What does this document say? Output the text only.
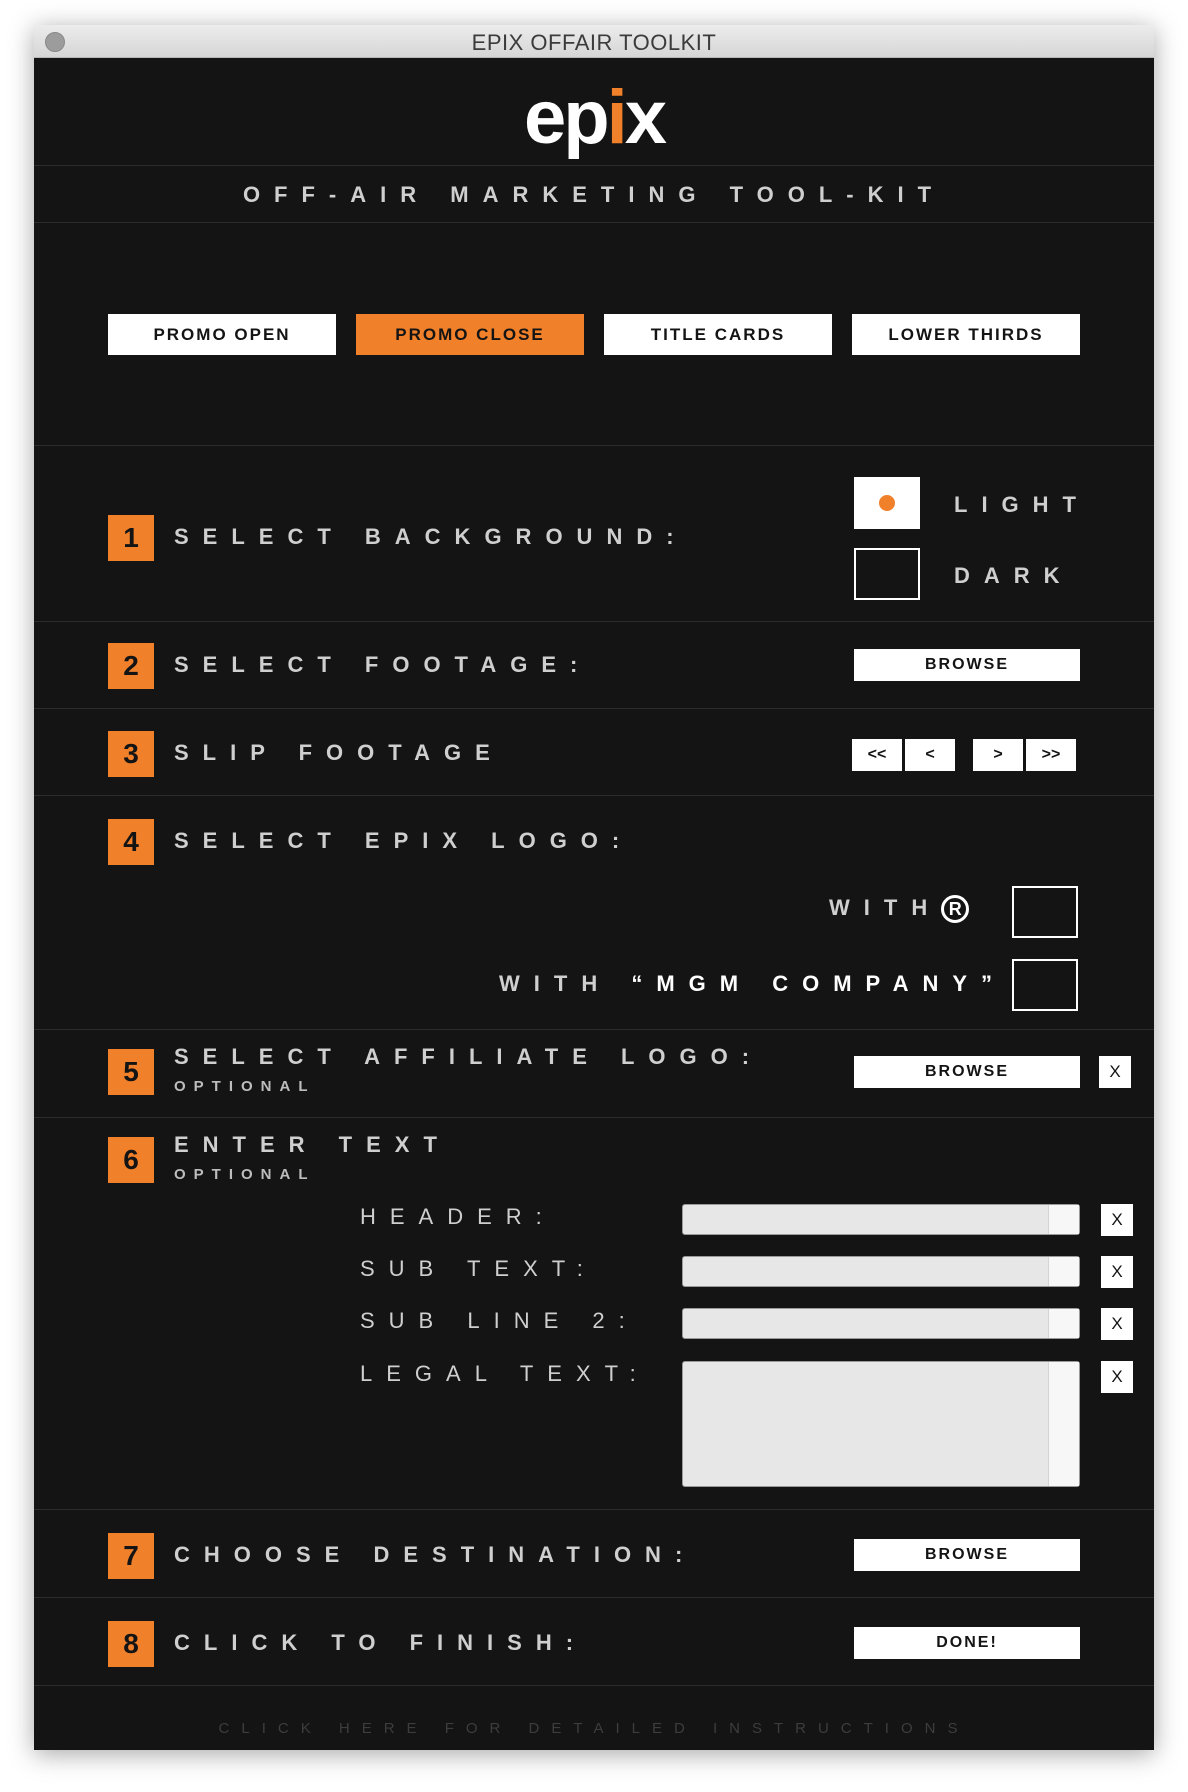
EPIX OFFAIR TOOLKIT
epix
OFF-AIR MARKETING TOOL-KIT
PROMO OPEN	PROMO CLOSE	TITLE CARDS	LOWER THIRDS
1	SELECT BACKGROUND:
LIGHT
DARK
2	SELECT FOOTAGE:	BROWSE
3	SLIP FOOTAGE	<<	<	>	>>
4	SELECT EPIX LOGO:
WITH R
WITH “MGM COMPANY”
5	SELECT AFFILIATE LOGO:
OPTIONAL
BROWSE	X
6	ENTER TEXT
OPTIONAL
HEADER:	X
SUB TEXT:	X
SUB LINE 2:	X
LEGAL TEXT:	X
7	CHOOSE DESTINATION:	BROWSE
8	CLICK TO FINISH:	DONE!
CLICK HERE FOR DETAILED INSTRUCTIONS
